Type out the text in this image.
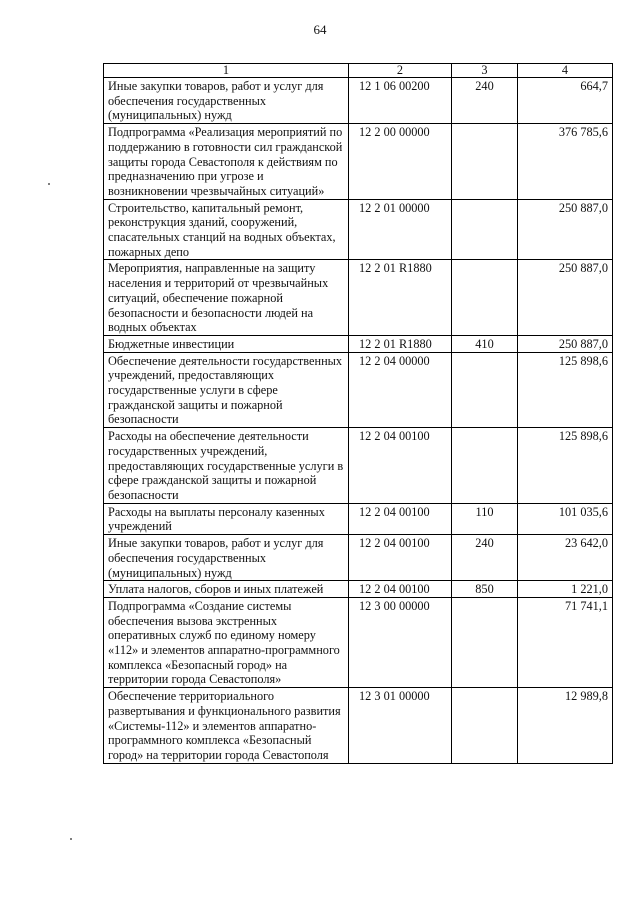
64
1	2	3	4
Иные закупки товаров, работ и услуг для обеспечения государственных (муниципальных) нужд	12 1 06 00200	240	664,7
Подпрограмма «Реализация мероприятий по поддержанию в готовности сил гражданской защиты города Севастополя к действиям по предназначению при угрозе и возникновении чрезвычайных ситуаций»	12 2 00 00000		376 785,6
Строительство, капитальный ремонт, реконструкция зданий, сооружений, спасательных станций на водных объектах, пожарных депо	12 2 01 00000		250 887,0
Мероприятия, направленные на защиту населения и территорий от чрезвычайных ситуаций, обеспечение пожарной безопасности и безопасности людей на водных объектах	12 2 01 R1880		250 887,0
Бюджетные инвестиции	12 2 01 R1880	410	250 887,0
Обеспечение деятельности государственных учреждений, предоставляющих государственные услуги в сфере гражданской защиты и пожарной безопасности	12 2 04 00000		125 898,6
Расходы на обеспечение деятельности государственных учреждений, предоставляющих государственные услуги в сфере гражданской защиты и пожарной безопасности	12 2 04 00100		125 898,6
Расходы на выплаты персоналу казенных учреждений	12 2 04 00100	110	101 035,6
Иные закупки товаров, работ и услуг для обеспечения государственных (муниципальных) нужд	12 2 04 00100	240	23 642,0
Уплата налогов, сборов и иных платежей	12 2 04 00100	850	1 221,0
Подпрограмма «Создание системы обеспечения вызова экстренных оперативных служб по единому номеру «112» и элементов аппаратно-программного комплекса «Безопасный город» на территории города Севастополя»	12 3 00 00000		71 741,1
Обеспечение территориального развертывания и функционального развития «Системы-112» и элементов аппаратно-программного комплекса «Безопасный город» на территории города Севастополя	12 3 01 00000		12 989,8
